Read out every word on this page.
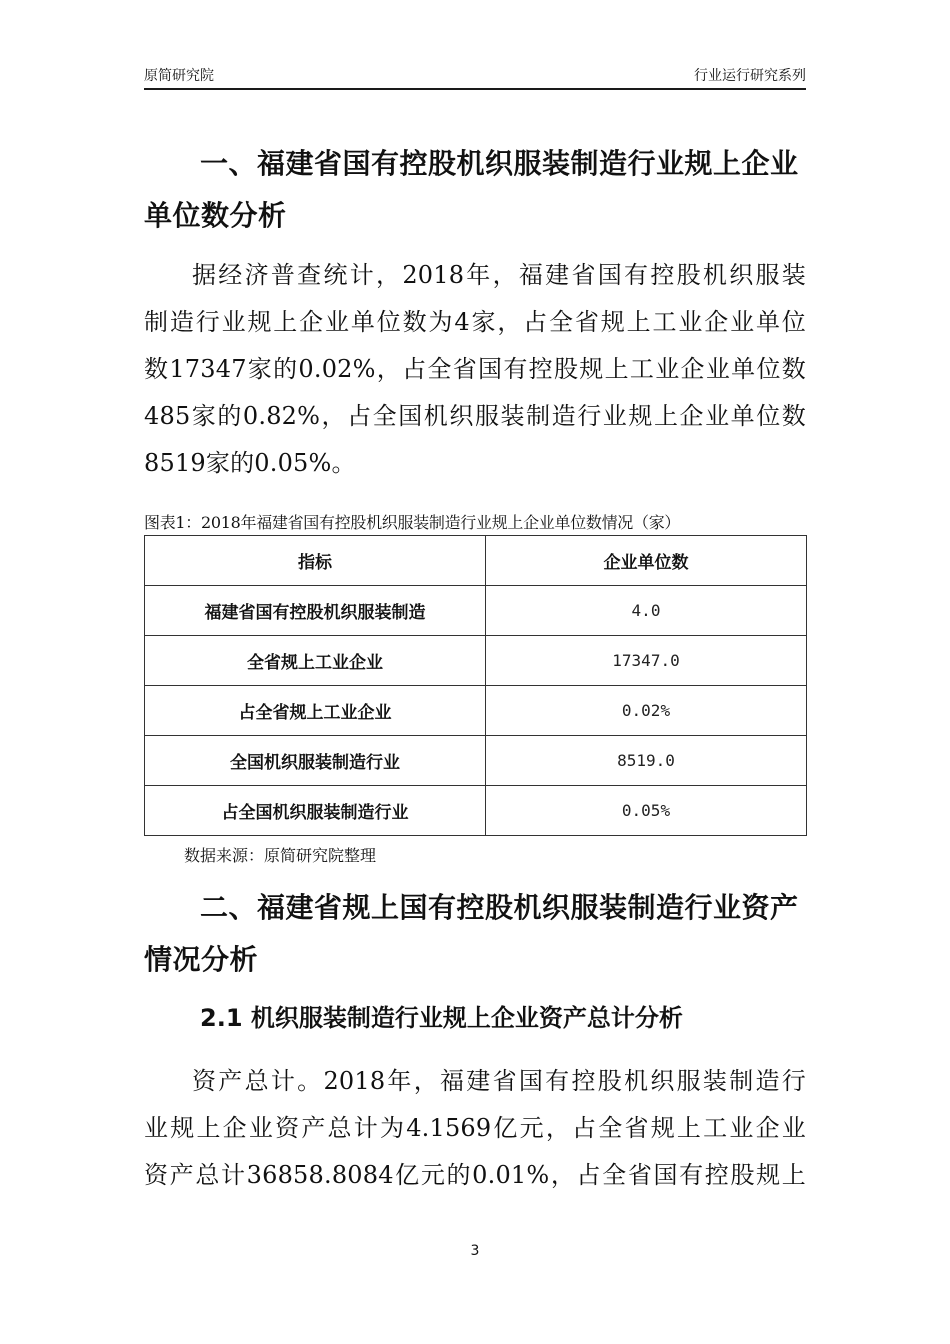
原简研究院	行业运行研究系列
一、福建省国有控股机织服装制造行业规上企业
单位数分析
据经济普查统计，2018年，福建省国有控股机织服装
制造行业规上企业单位数为4家，占全省规上工业企业单位
数17347家的0.02%，占全省国有控股规上工业企业单位数
485家的0.82%，占全国机织服装制造行业规上企业单位数
8519家的0.05%。
图表1：2018年福建省国有控股机织服装制造行业规上企业单位数情况（家）
指标	企业单位数
福建省国有控股机织服装制造	4.0
全省规上工业企业	17347.0
占全省规上工业企业	0.02%
全国机织服装制造行业	8519.0
占全国机织服装制造行业	0.05%
数据来源：原简研究院整理
二、福建省规上国有控股机织服装制造行业资产
情况分析
2.1 机织服装制造行业规上企业资产总计分析
资产总计。2018年，福建省国有控股机织服装制造行
业规上企业资产总计为4.1569亿元，占全省规上工业企业
资产总计36858.8084亿元的0.01%，占全省国有控股规上
3
